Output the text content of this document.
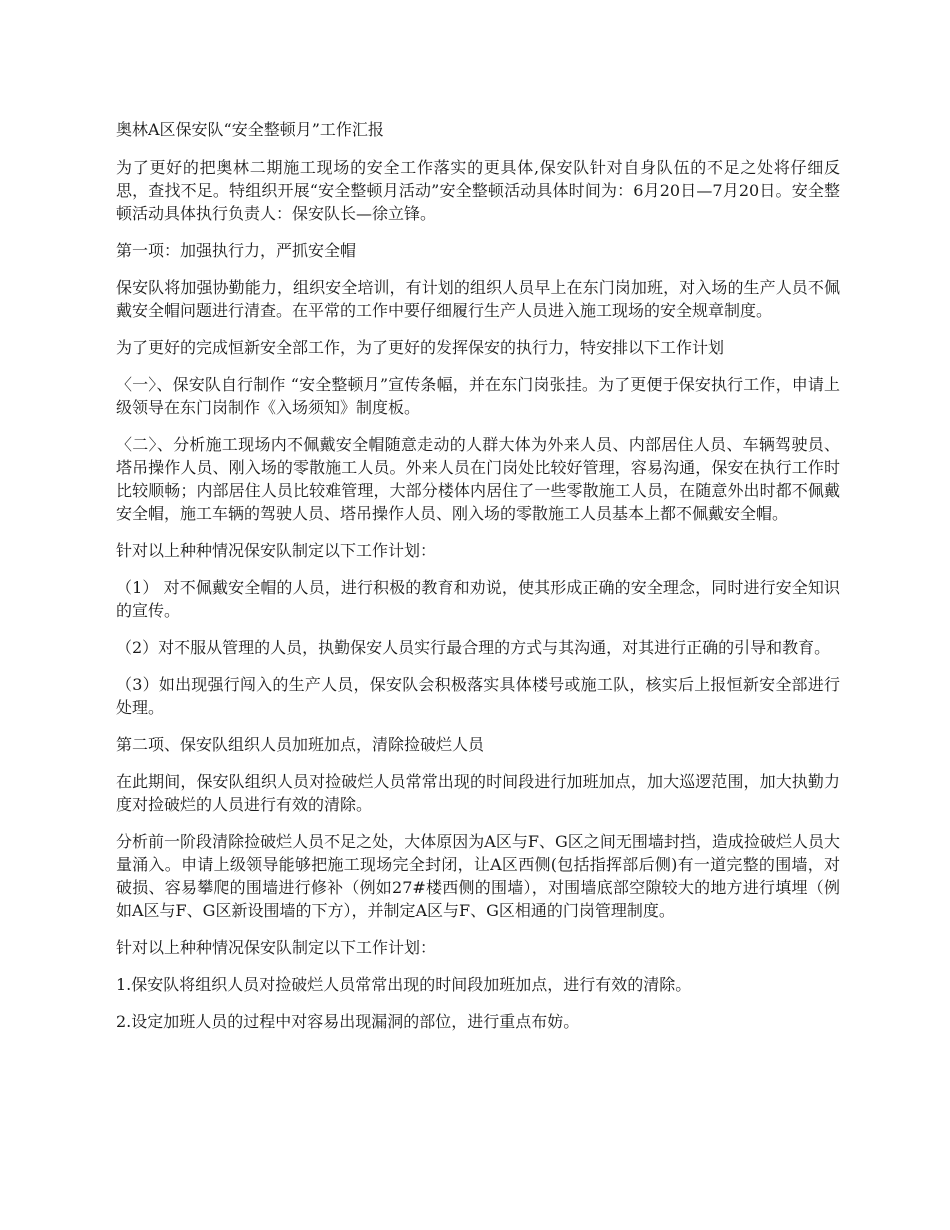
奥林A区保安队“安全整顿月”工作汇报

为了更好的把奥林二期施工现场的安全工作落实的更具体,保安队针对自身队伍的不足之处将仔细反思，查找不足。特组织开展“安全整顿月活动”安全整顿活动具体时间为：6月20日—7月20日。安全整顿活动具体执行负责人：保安队长—徐立锋。

第一项：加强执行力，严抓安全帽

保安队将加强协勤能力，组织安全培训，有计划的组织人员早上在东门岗加班，对入场的生产人员不佩戴安全帽问题进行清查。在平常的工作中要仔细履行生产人员进入施工现场的安全规章制度。

为了更好的完成恒新安全部工作，为了更好的发挥保安的执行力，特安排以下工作计划

〈一〉、保安队自行制作 “安全整顿月”宣传条幅，并在东门岗张挂。为了更便于保安执行工作，申请上级领导在东门岗制作《入场须知》制度板。

〈二〉、分析施工现场内不佩戴安全帽随意走动的人群大体为外来人员、内部居住人员、车辆驾驶员、塔吊操作人员、刚入场的零散施工人员。外来人员在门岗处比较好管理，容易沟通，保安在执行工作时比较顺畅；内部居住人员比较难管理，大部分楼体内居住了一些零散施工人员，在随意外出时都不佩戴安全帽，施工车辆的驾驶人员、塔吊操作人员、刚入场的零散施工人员基本上都不佩戴安全帽。

针对以上种种情况保安队制定以下工作计划：

（1） 对不佩戴安全帽的人员，进行积极的教育和劝说，使其形成正确的安全理念，同时进行安全知识的宣传。

（2）对不服从管理的人员，执勤保安人员实行最合理的方式与其沟通，对其进行正确的引导和教育。

（3）如出现强行闯入的生产人员，保安队会积极落实具体楼号或施工队，核实后上报恒新安全部进行处理。

第二项、保安队组织人员加班加点，清除捡破烂人员

在此期间，保安队组织人员对捡破烂人员常常出现的时间段进行加班加点，加大巡逻范围，加大执勤力度对捡破烂的人员进行有效的清除。

分析前一阶段清除捡破烂人员不足之处，大体原因为A区与F、G区之间无围墙封挡，造成捡破烂人员大量涌入。申请上级领导能够把施工现场完全封闭，让A区西侧(包括指挥部后侧)有一道完整的围墙，对破损、容易攀爬的围墙进行修补（例如27#楼西侧的围墙），对围墙底部空隙较大的地方进行填埋（例如A区与F、G区新设围墙的下方），并制定A区与F、G区相通的门岗管理制度。

针对以上种种情况保安队制定以下工作计划：

1.保安队将组织人员对捡破烂人员常常出现的时间段加班加点，进行有效的清除。

2.设定加班人员的过程中对容易出现漏洞的部位，进行重点布妨。
